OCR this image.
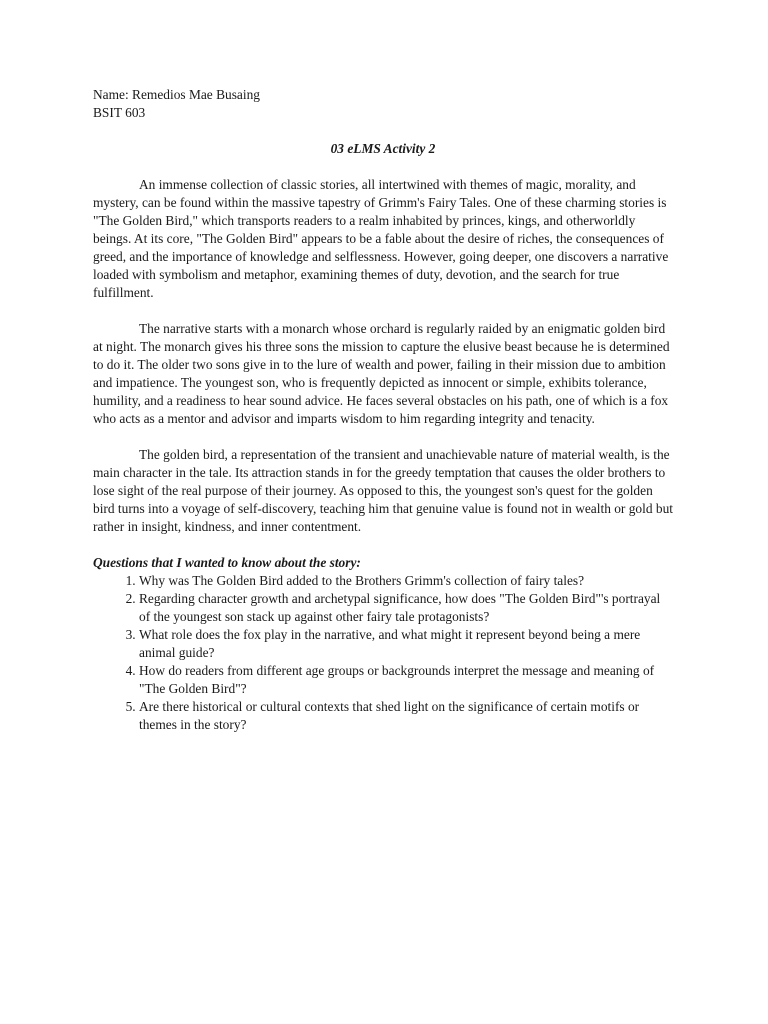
Name: Remedios Mae Busaing

BSIT 603

03 eLMS Activity 2

An immense collection of classic stories, all intertwined with themes of magic, morality, and mystery, can be found within the massive tapestry of Grimm's Fairy Tales. One of these charming stories is "The Golden Bird," which transports readers to a realm inhabited by princes, kings, and otherworldly beings. At its core, "The Golden Bird" appears to be a fable about the desire of riches, the consequences of greed, and the importance of knowledge and selflessness. However, going deeper, one discovers a narrative loaded with symbolism and metaphor, examining themes of duty, devotion, and the search for true fulfillment.

The narrative starts with a monarch whose orchard is regularly raided by an enigmatic golden bird at night. The monarch gives his three sons the mission to capture the elusive beast because he is determined to do it. The older two sons give in to the lure of wealth and power, failing in their mission due to ambition and impatience. The youngest son, who is frequently depicted as innocent or simple, exhibits tolerance, humility, and a readiness to hear sound advice. He faces several obstacles on his path, one of which is a fox who acts as a mentor and advisor and imparts wisdom to him regarding integrity and tenacity.

The golden bird, a representation of the transient and unachievable nature of material wealth, is the main character in the tale. Its attraction stands in for the greedy temptation that causes the older brothers to lose sight of the real purpose of their journey. As opposed to this, the youngest son's quest for the golden bird turns into a voyage of self-discovery, teaching him that genuine value is found not in wealth or gold but rather in insight, kindness, and inner contentment.

Questions that I wanted to know about the story:

1. Why was The Golden Bird added to the Brothers Grimm's collection of fairy tales?
2. Regarding character growth and archetypal significance, how does "The Golden Bird"'s portrayal of the youngest son stack up against other fairy tale protagonists?
3. What role does the fox play in the narrative, and what might it represent beyond being a mere animal guide?
4. How do readers from different age groups or backgrounds interpret the message and meaning of "The Golden Bird"?
5. Are there historical or cultural contexts that shed light on the significance of certain motifs or themes in the story?
